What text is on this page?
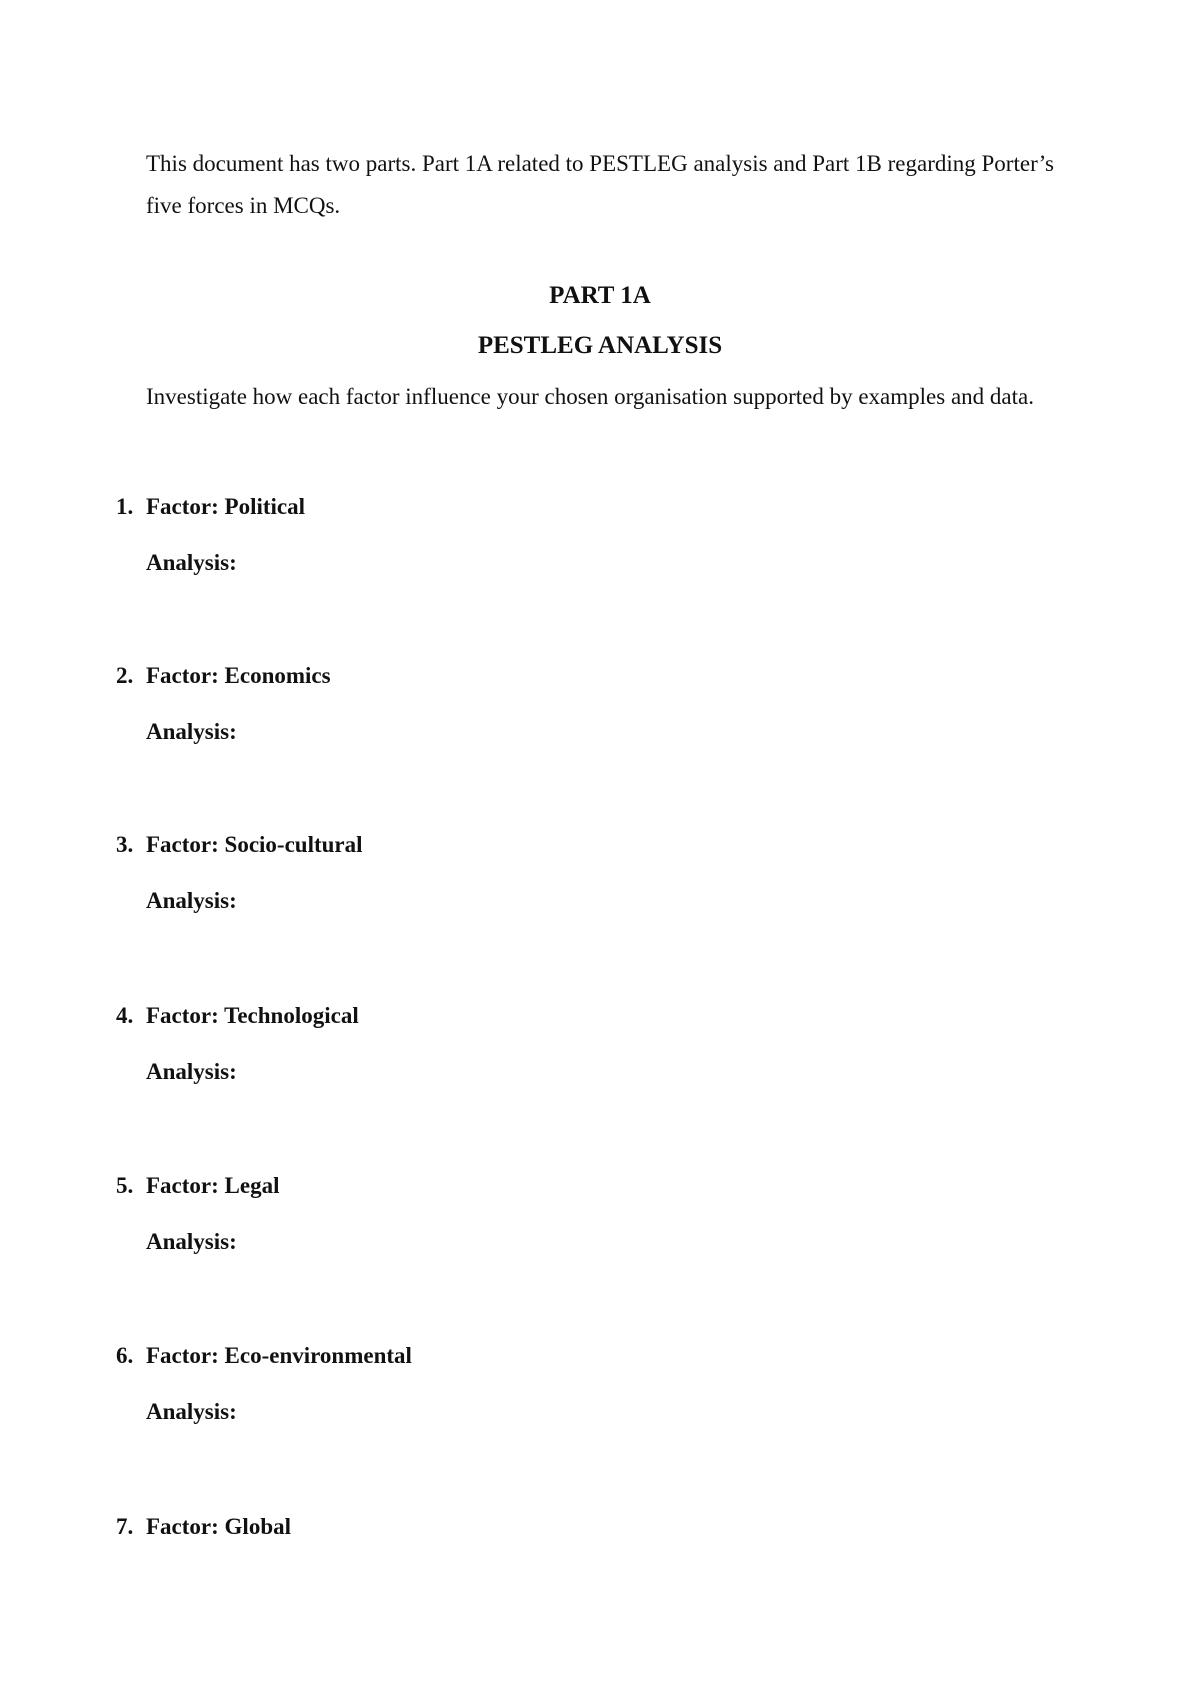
This document has two parts. Part 1A related to PESTLEG analysis and Part 1B regarding Porter’s five forces in MCQs.

PART 1A
PESTLEG ANALYSIS

Investigate how each factor influence your chosen organisation supported by examples and data.

1. Factor: Political
Analysis:
2. Factor: Economics
Analysis:
3. Factor: Socio-cultural
Analysis:
4. Factor: Technological
Analysis:
5. Factor: Legal
Analysis:
6. Factor: Eco-environmental
Analysis:
7. Factor: Global
